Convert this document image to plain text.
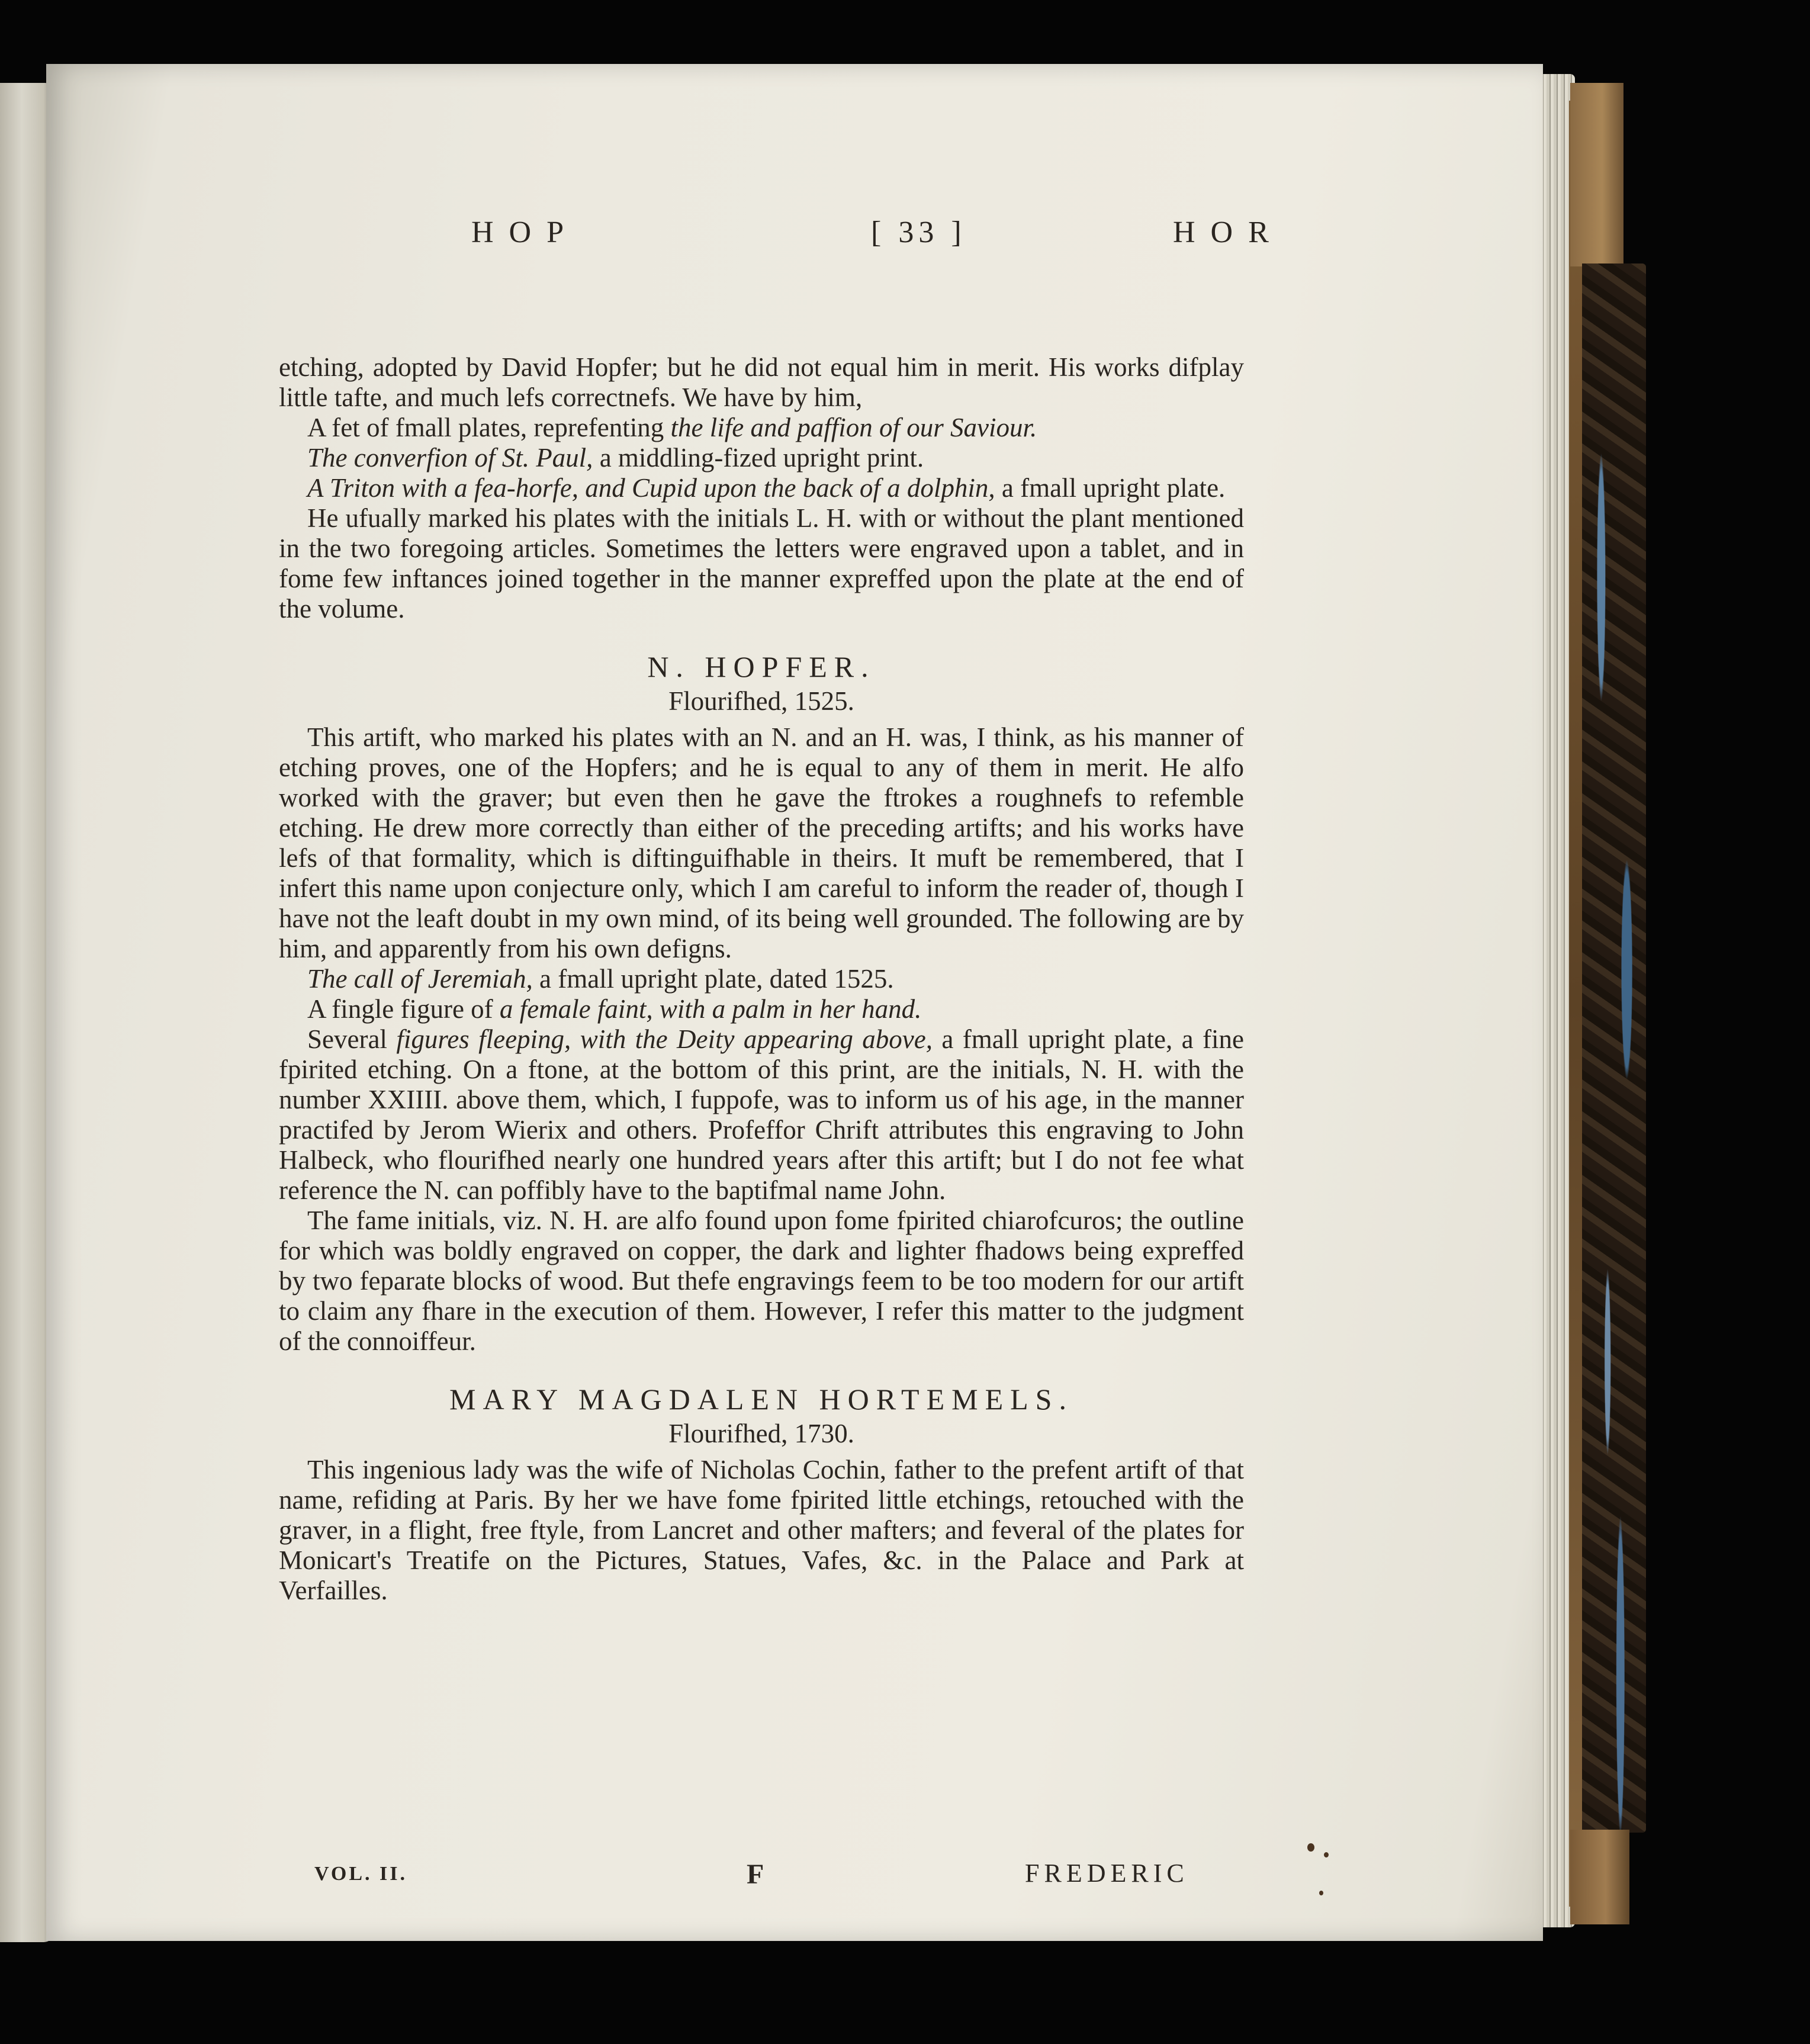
HOP	[ 33 ]	HOR

etching, adopted by David Hopfer; but he did not equal him in merit. His works difplay little tafte, and much lefs correctnefs. We have by him,

A fet of fmall plates, reprefenting the life and paffion of our Saviour.

The converfion of St. Paul, a middling-fized upright print.

A Triton with a fea-horfe, and Cupid upon the back of a dolphin, a fmall upright plate.

He ufually marked his plates with the initials L. H. with or without the plant mentioned in the two foregoing articles. Sometimes the letters were engraved upon a tablet, and in fome few inftances joined together in the manner expreffed upon the plate at the end of the volume.

N. HOPFER.
Flourifhed, 1525.

This artift, who marked his plates with an N. and an H. was, I think, as his manner of etching proves, one of the Hopfers; and he is equal to any of them in merit. He alfo worked with the graver; but even then he gave the ftrokes a roughnefs to refemble etching. He drew more correctly than either of the preceding artifts; and his works have lefs of that formality, which is diftinguifhable in theirs. It muft be remembered, that I infert this name upon conjecture only, which I am careful to inform the reader of, though I have not the leaft doubt in my own mind, of its being well grounded. The following are by him, and apparently from his own defigns.

The call of Jeremiah, a fmall upright plate, dated 1525.

A fingle figure of a female faint, with a palm in her hand.

Several figures fleeping, with the Deity appearing above, a fmall upright plate, a fine fpirited etching. On a ftone, at the bottom of this print, are the initials, N. H. with the number XXIIII. above them, which, I fuppofe, was to inform us of his age, in the manner practifed by Jerom Wierix and others. Profeffor Chrift attributes this engraving to John Halbeck, who flourifhed nearly one hundred years after this artift; but I do not fee what reference the N. can poffibly have to the baptifmal name John.

The fame initials, viz. N. H. are alfo found upon fome fpirited chiarofcuros; the outline for which was boldly engraved on copper, the dark and lighter fhadows being expreffed by two feparate blocks of wood. But thefe engravings feem to be too modern for our artift to claim any fhare in the execution of them. However, I refer this matter to the judgment of the connoiffeur.

MARY MAGDALEN HORTEMELS.
Flourifhed, 1730.

This ingenious lady was the wife of Nicholas Cochin, father to the prefent artift of that name, refiding at Paris. By her we have fome fpirited little etchings, retouched with the graver, in a flight, free ftyle, from Lancret and other mafters; and feveral of the plates for Monicart's Treatife on the Pictures, Statues, Vafes, &c. in the Palace and Park at Verfailles.

VOL. II.	F	FREDERIC
